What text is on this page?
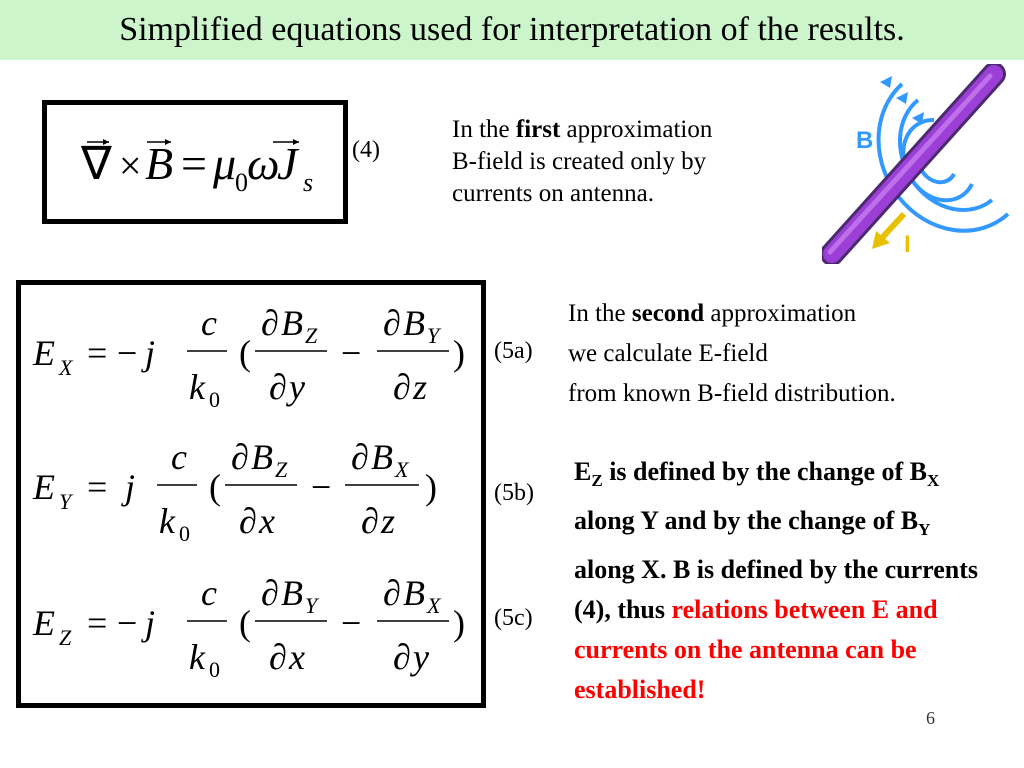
Simplified equations used for interpretation of the results.
∇ × B = μ
0 ω
J s
(4)
In the first approximation
B-field is created only by
currents on antenna.
B
I
E X = − j
c
k 0
(
∂ B Z
∂ y
−
∂ B Y
∂ z
)
E Y = j
c
k 0
(
∂ B Z
∂ x
−
∂ B X
∂ z
)
E Z = − j
c
k 0
(
∂ B Y
∂ x
−
∂ B X
∂ y
)
(5a)
(5b)
(5c)
In the second approximation
we calculate E-field
from known B-field distribution.
$E_Z$ is defined by the change of $B_X$ along Y and by the change of $B_Y$ along X. B is defined by the currents (4), thus relations between E and currents on the antenna can be established!
6
